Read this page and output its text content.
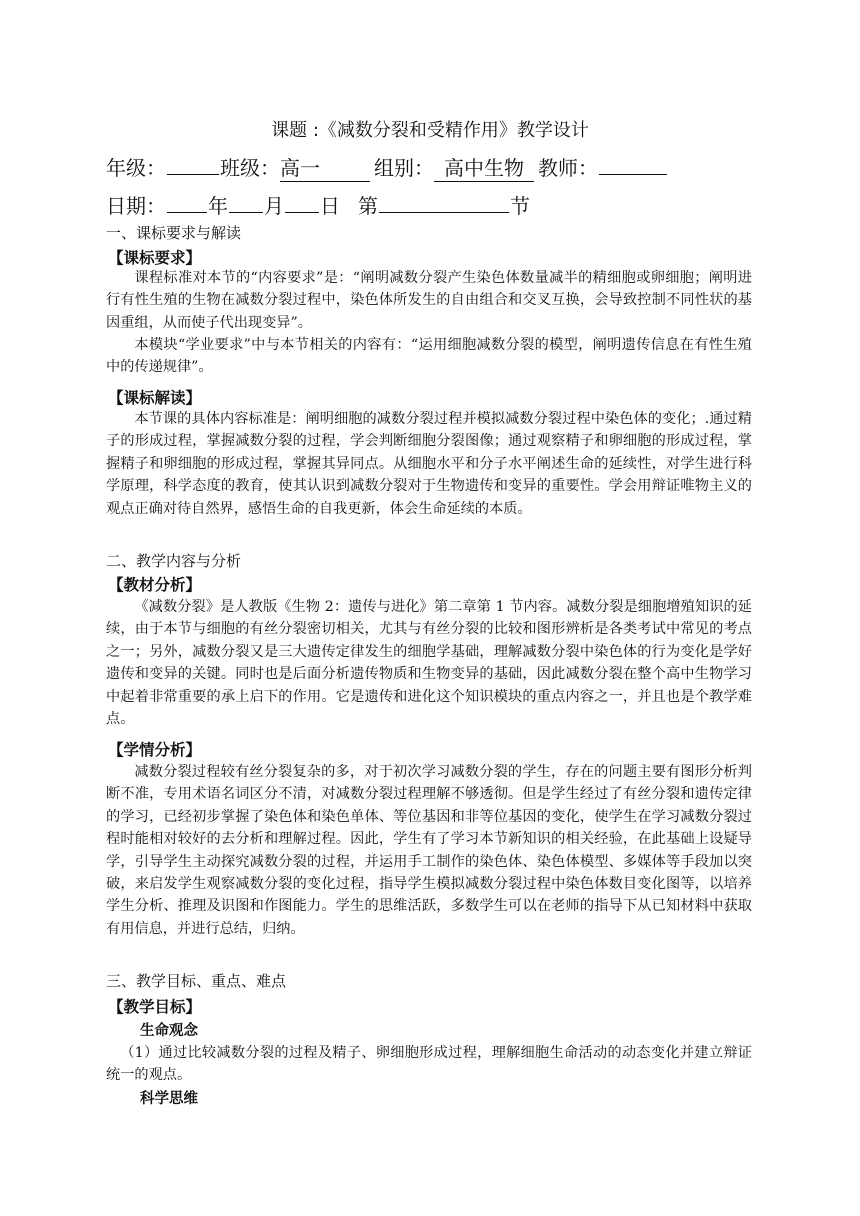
课题 :《减数分裂和受精作用》教学设计
年级：	班级：高一	组别： 高中生物 教师：
日期： 年 月 日 第	节
一、课标要求与解读
【课标要求】
课程标准对本节的“内容要求”是：“阐明减数分裂产生染色体数量减半的精细胞或卵细胞；阐明进行有性生殖的生物在减数分裂过程中，染色体所发生的自由组合和交叉互换，会导致控制不同性状的基因重组，从而使子代出现变异”。
本模块“学业要求”中与本节相关的内容有：“运用细胞减数分裂的模型，阐明遗传信息在有性生殖中的传递规律”。
【课标解读】
本节课的具体内容标准是：阐明细胞的减数分裂过程并模拟减数分裂过程中染色体的变化；.通过精子的形成过程，掌握减数分裂的过程，学会判断细胞分裂图像；通过观察精子和卵细胞的形成过程，掌握精子和卵细胞的形成过程，掌握其异同点。从细胞水平和分子水平阐述生命的延续性，对学生进行科学原理，科学态度的教育，使其认识到减数分裂对于生物遗传和变异的重要性。学会用辩证唯物主义的观点正确对待自然界，感悟生命的自我更新，体会生命延续的本质。
二、教学内容与分析
【教材分析】
《减数分裂》是人教版《生物 2：遗传与进化》第二章第 1 节内容。减数分裂是细胞增殖知识的延续，由于本节与细胞的有丝分裂密切相关，尤其与有丝分裂的比较和图形辨析是各类考试中常见的考点之一；另外，减数分裂又是三大遗传定律发生的细胞学基础，理解减数分裂中染色体的行为变化是学好遗传和变异的关键。同时也是后面分析遗传物质和生物变异的基础，因此减数分裂在整个高中生物学习中起着非常重要的承上启下的作用。它是遗传和进化这个知识模块的重点内容之一，并且也是个教学难点。
【学情分析】
减数分裂过程较有丝分裂复杂的多，对于初次学习减数分裂的学生，存在的问题主要有图形分析判断不准，专用术语名词区分不清，对减数分裂过程理解不够透彻。但是学生经过了有丝分裂和遗传定律的学习，已经初步掌握了染色体和染色单体、等位基因和非等位基因的变化，使学生在学习减数分裂过程时能相对较好的去分析和理解过程。因此，学生有了学习本节新知识的相关经验，在此基础上设疑导学，引导学生主动探究减数分裂的过程，并运用手工制作的染色体、染色体模型、多媒体等手段加以突破，来启发学生观察减数分裂的变化过程，指导学生模拟减数分裂过程中染色体数目变化图等，以培养学生分析、推理及识图和作图能力。学生的思维活跃，多数学生可以在老师的指导下从已知材料中获取有用信息，并进行总结，归纳。
三、教学目标、重点、难点
【教学目标】
生命观念
（1）通过比较减数分裂的过程及精子、卵细胞形成过程，理解细胞生命活动的动态变化并建立辩证统一的观点。
科学思维
